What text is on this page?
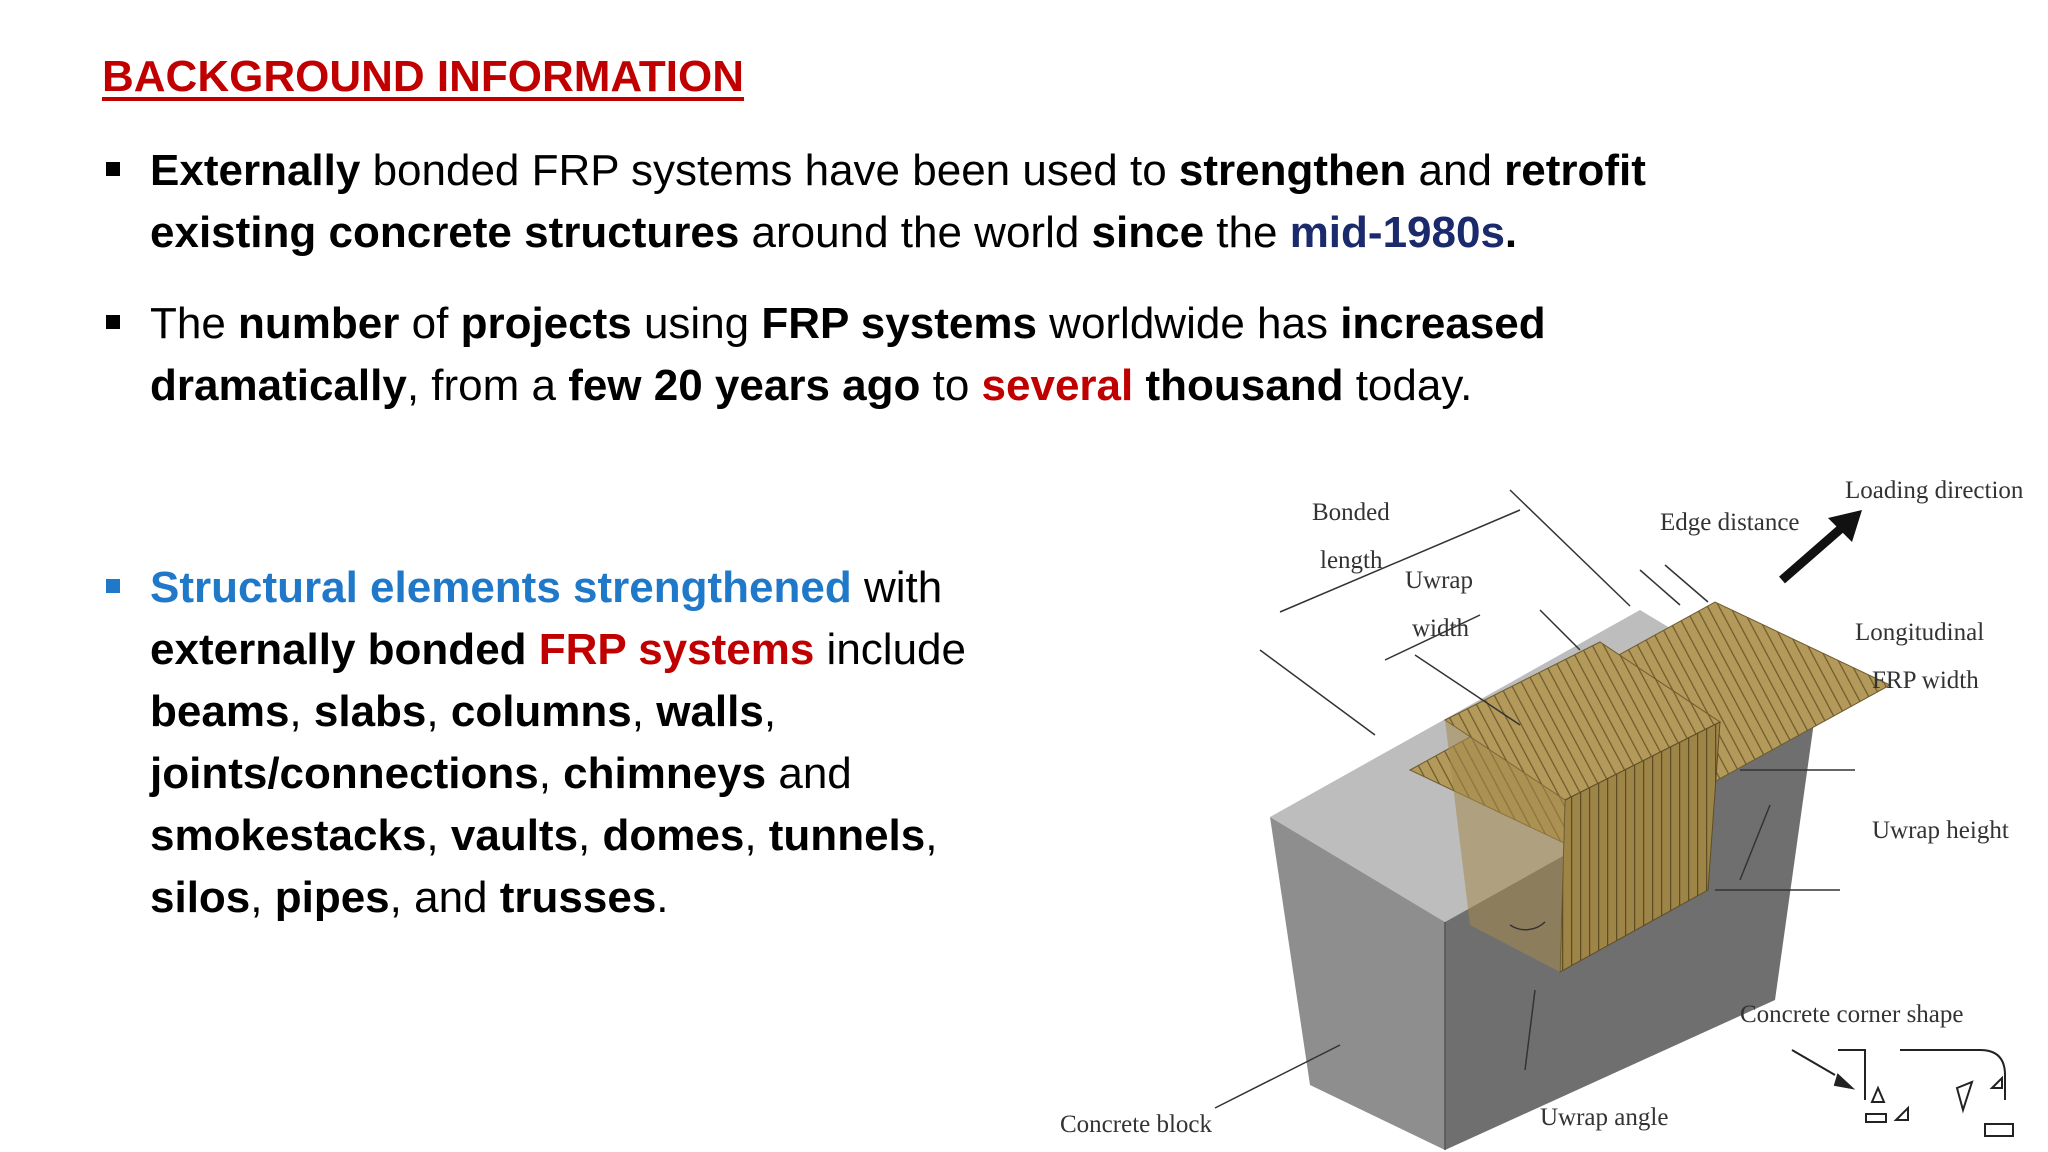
BACKGROUND INFORMATION
Externally bonded FRP systems have been used to strengthen and retrofit
existing concrete structures around the world since the mid-1980s.
The number of projects using FRP systems worldwide has increased
dramatically, from a few 20 years ago to several thousand today.
Structural elements strengthened with
externally bonded FRP systems include
beams, slabs, columns, walls,
joints/connections, chimneys and
smokestacks, vaults, domes, tunnels,
silos, pipes, and trusses.
Bonded
length
Uwrap
width
Edge distance
Loading direction
Longitudinal
FRP width
Uwrap height
Concrete corner shape
Concrete block	Uwrap angle
